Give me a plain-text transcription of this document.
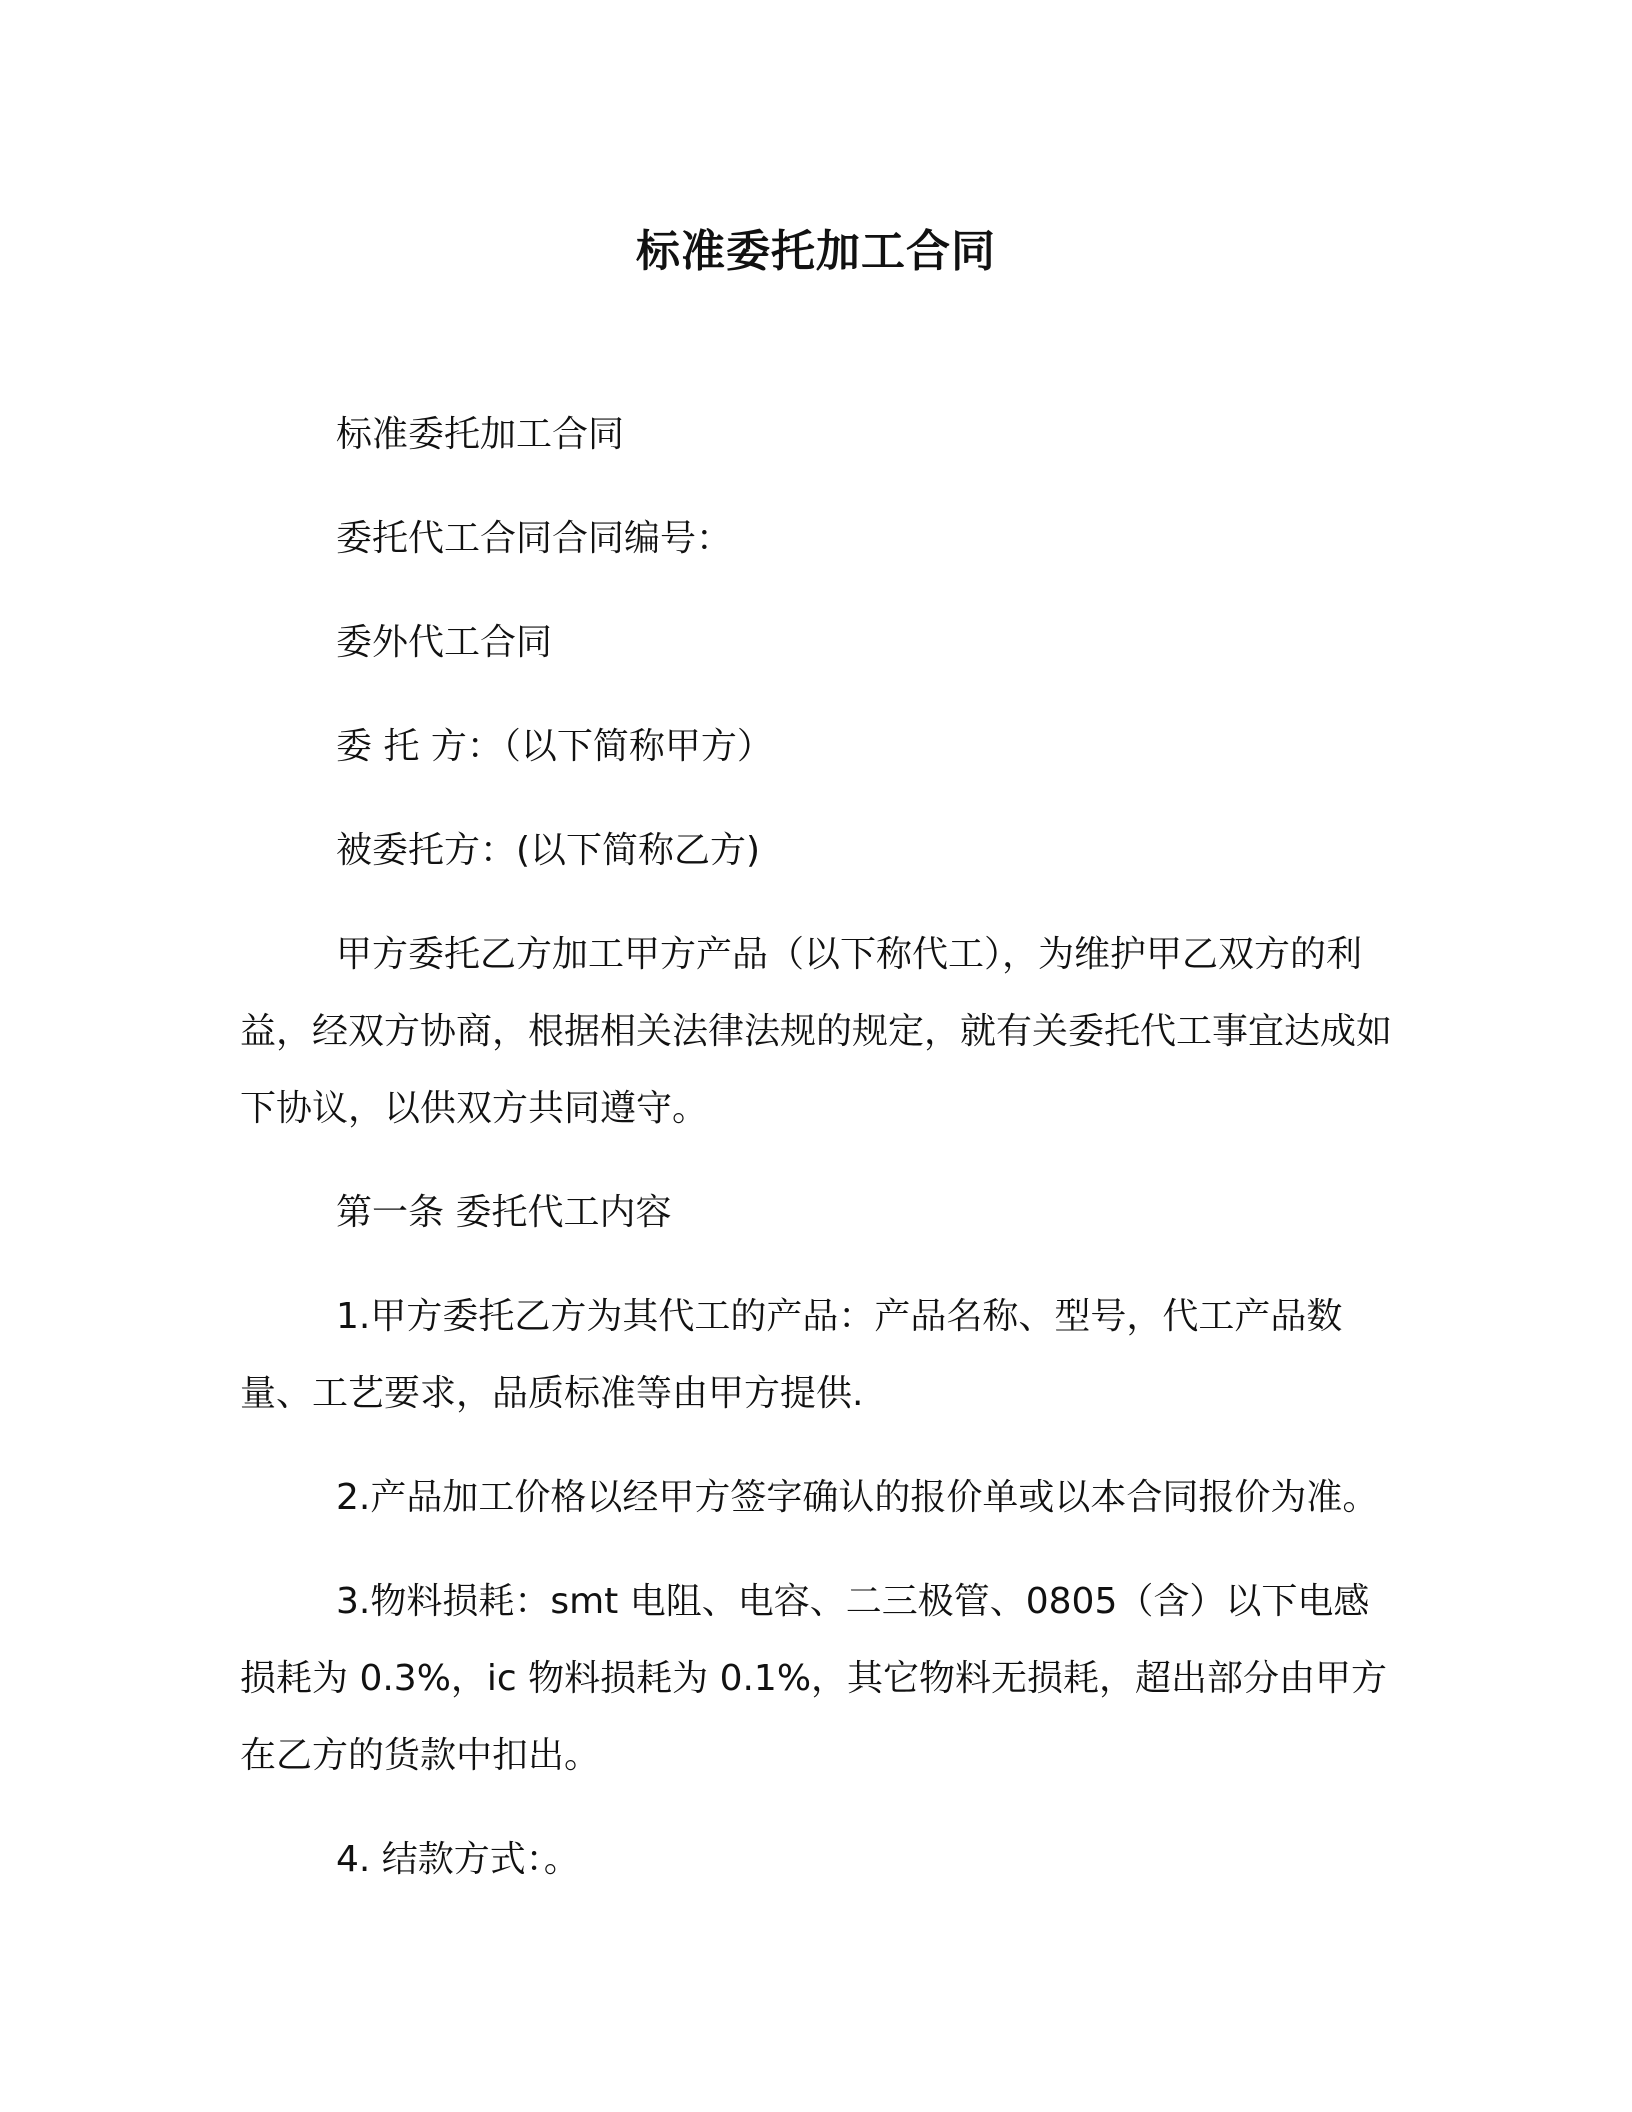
标准委托加工合同

标准委托加工合同

委托代工合同合同编号：

委外代工合同

委 托 方：（以下简称甲方）

被委托方：(以下简称乙方)

甲方委托乙方加工甲方产品（以下称代工），为维护甲乙双方的利益，经双方协商，根据相关法律法规的规定，就有关委托代工事宜达成如下协议，以供双方共同遵守。

第一条 委托代工内容

1.甲方委托乙方为其代工的产品：产品名称、型号，代工产品数量、工艺要求，品质标准等由甲方提供.

2.产品加工价格以经甲方签字确认的报价单或以本合同报价为准。

3.物料损耗：smt 电阻、电容、二三极管、0805（含）以下电感损耗为 0.3%，ic 物料损耗为 0.1%，其它物料无损耗，超出部分由甲方在乙方的货款中扣出。

4. 结款方式：。
